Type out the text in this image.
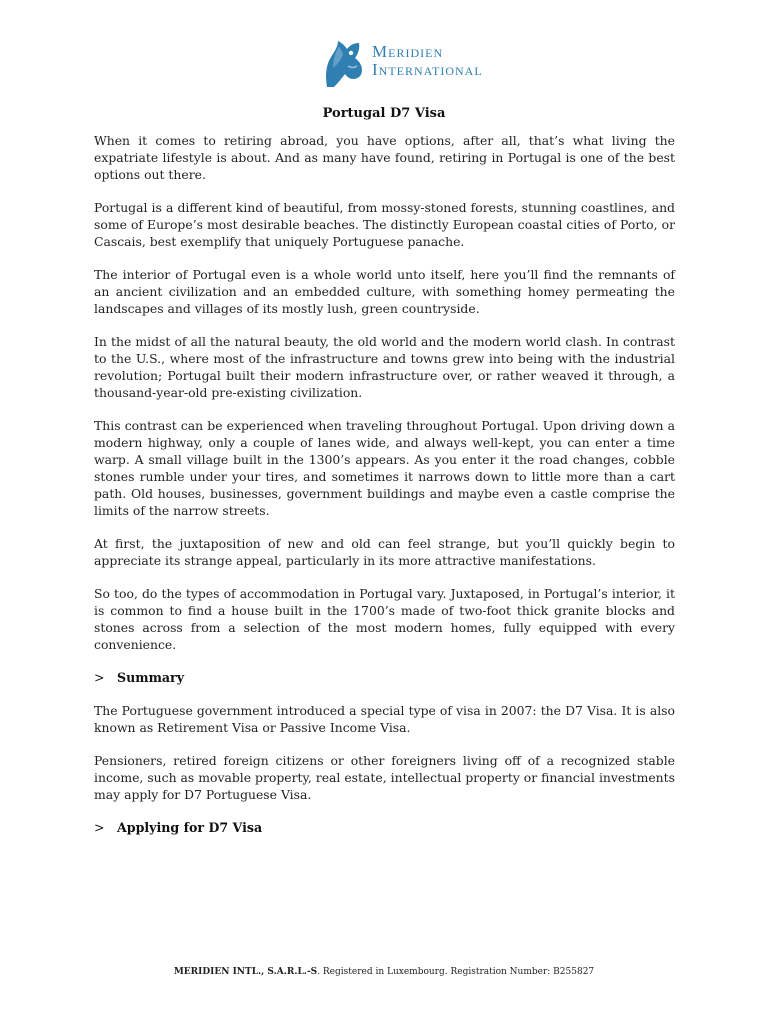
Meridien
International
Portugal D7 Visa

When it comes to retiring abroad, you have options, after all, that’s what living the expatriate lifestyle is about. And as many have found, retiring in Portugal is one of the best options out there.

Portugal is a different kind of beautiful, from mossy-stoned forests, stunning coastlines, and some of Europe’s most desirable beaches. The distinctly European coastal cities of Porto, or Cascais, best exemplify that uniquely Portuguese panache.

The interior of Portugal even is a whole world unto itself, here you’ll find the remnants of an ancient civilization and an embedded culture, with something homey permeating the landscapes and villages of its mostly lush, green countryside.

In the midst of all the natural beauty, the old world and the modern world clash. In contrast to the U.S., where most of the infrastructure and towns grew into being with the industrial revolution; Portugal built their modern infrastructure over, or rather weaved it through, a thousand-year-old pre-existing civilization.

This contrast can be experienced when traveling throughout Portugal. Upon driving down a modern highway, only a couple of lanes wide, and always well-kept, you can enter a time warp. A small village built in the 1300’s appears. As you enter it the road changes, cobble stones rumble under your tires, and sometimes it narrows down to little more than a cart path. Old houses, businesses, government buildings and maybe even a castle comprise the limits of the narrow streets.

At first, the juxtaposition of new and old can feel strange, but you’ll quickly begin to appreciate its strange appeal, particularly in its more attractive manifestations.

So too, do the types of accommodation in Portugal vary. Juxtaposed, in Portugal’s interior, it is common to find a house built in the 1700’s made of two-foot thick granite blocks and stones across from a selection of the most modern homes, fully equipped with every convenience.

> Summary

The Portuguese government introduced a special type of visa in 2007: the D7 Visa. It is also known as Retirement Visa or Passive Income Visa.

Pensioners, retired foreign citizens or other foreigners living off of a recognized stable income, such as movable property, real estate, intellectual property or financial investments may apply for D7 Portuguese Visa.

> Applying for D7 Visa
MERIDIEN INTL., S.A.R.L.-S. Registered in Luxembourg. Registration Number: B255827
